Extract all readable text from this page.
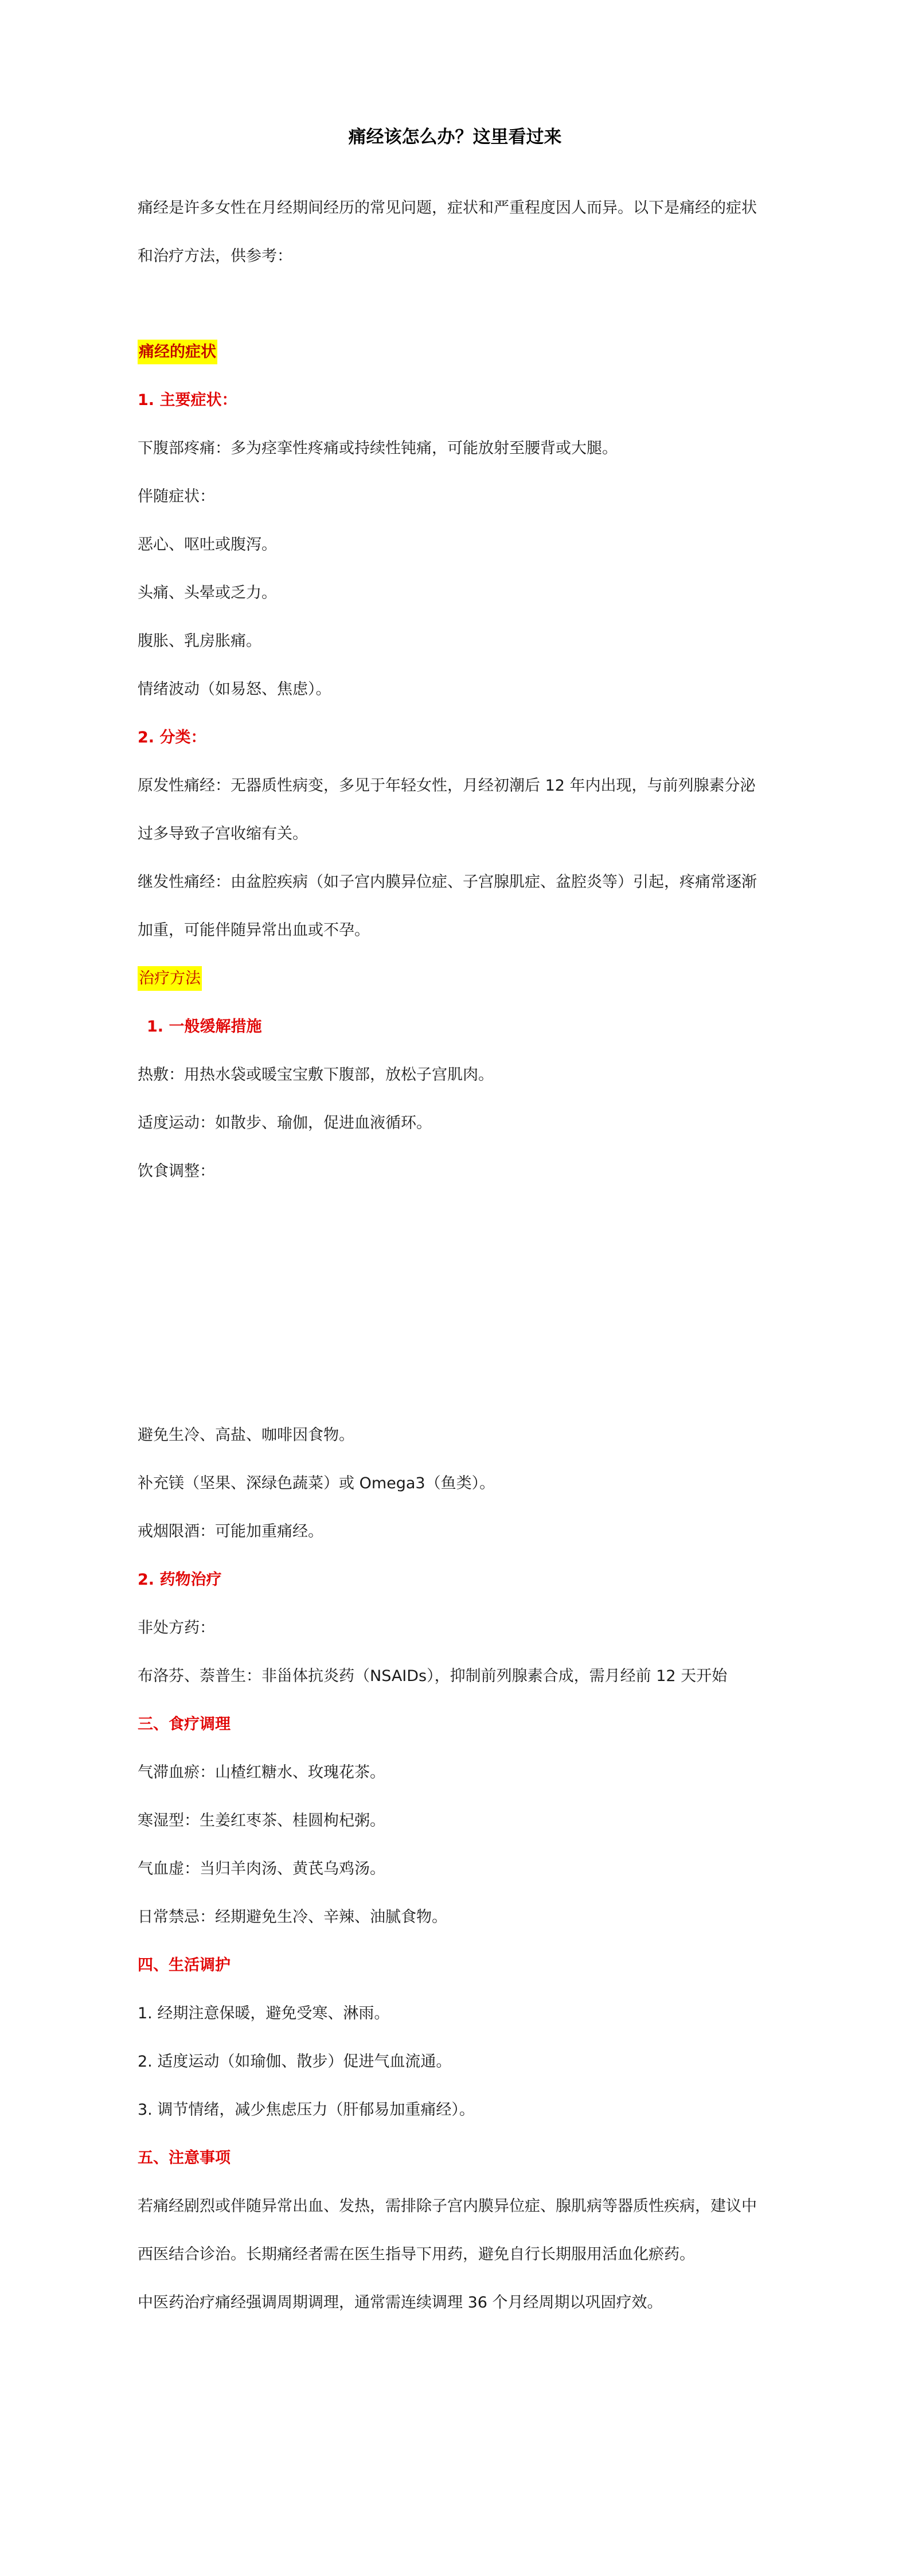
痛经该怎么办？这里看过来
痛经是许多女性在月经期间经历的常见问题，症状和严重程度因人而异。以下是痛经的症状
和治疗方法，供参考：
痛经的症状
1. 主要症状：
下腹部疼痛：多为痉挛性疼痛或持续性钝痛，可能放射至腰背或大腿。
伴随症状：
恶心、呕吐或腹泻。
头痛、头晕或乏力。
腹胀、乳房胀痛。
情绪波动（如易怒、焦虑）。
2. 分类：
原发性痛经：无器质性病变，多见于年轻女性，月经初潮后 12 年内出现，与前列腺素分泌
过多导致子宫收缩有关。
继发性痛经：由盆腔疾病（如子宫内膜异位症、子宫腺肌症、盆腔炎等）引起，疼痛常逐渐
加重，可能伴随异常出血或不孕。
治疗方法
1. 一般缓解措施
热敷：用热水袋或暖宝宝敷下腹部，放松子宫肌肉。
适度运动：如散步、瑜伽，促进血液循环。
饮食调整：
避免生冷、高盐、咖啡因食物。
补充镁（坚果、深绿色蔬菜）或 Omega3（鱼类）。
戒烟限酒：可能加重痛经。
2. 药物治疗
非处方药：
布洛芬、萘普生：非甾体抗炎药（NSAIDs），抑制前列腺素合成，需月经前 12 天开始
三、食疗调理
气滞血瘀：山楂红糖水、玫瑰花茶。
寒湿型：生姜红枣茶、桂圆枸杞粥。
气血虚：当归羊肉汤、黄芪乌鸡汤。
日常禁忌：经期避免生冷、辛辣、油腻食物。
四、生活调护
1. 经期注意保暖，避免受寒、淋雨。
2. 适度运动（如瑜伽、散步）促进气血流通。
3. 调节情绪，减少焦虑压力（肝郁易加重痛经）。
五、注意事项
若痛经剧烈或伴随异常出血、发热，需排除子宫内膜异位症、腺肌病等器质性疾病，建议中
西医结合诊治。长期痛经者需在医生指导下用药，避免自行长期服用活血化瘀药。
中医药治疗痛经强调周期调理，通常需连续调理 36 个月经周期以巩固疗效。
